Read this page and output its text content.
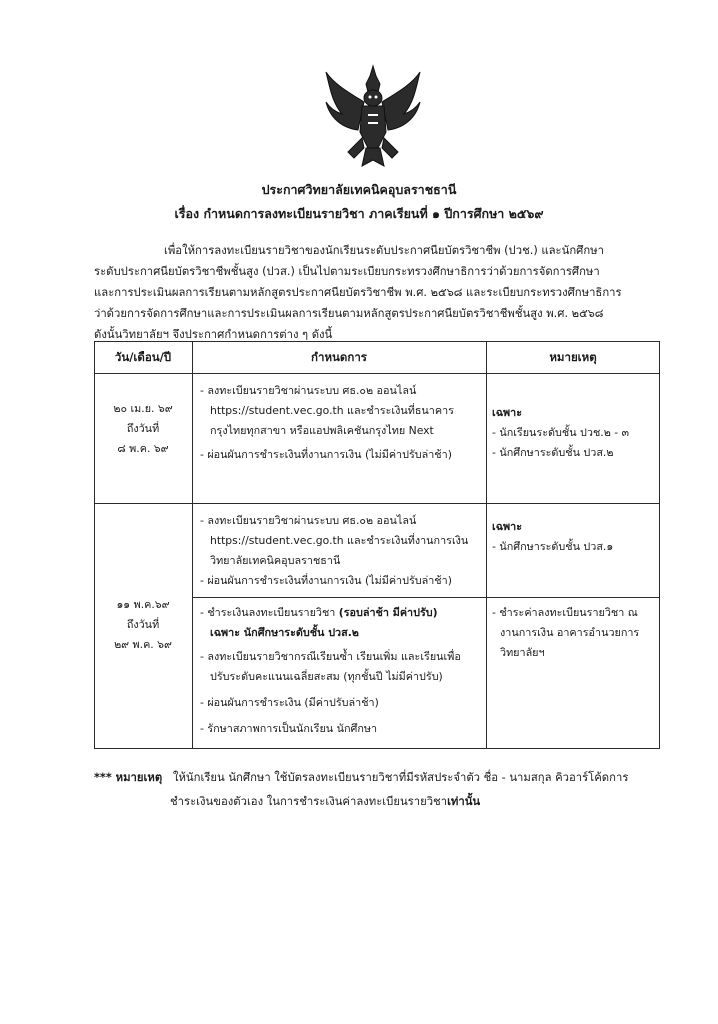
ประกาศวิทยาลัยเทคนิคอุบลราชธานี
เรื่อง กำหนดการลงทะเบียนรายวิชา ภาคเรียนที่ ๑ ปีการศึกษา ๒๕๖๙
เพื่อให้การลงทะเบียนรายวิชาของนักเรียนระดับประกาศนียบัตรวิชาชีพ (ปวช.) และนักศึกษา
ระดับประกาศนียบัตรวิชาชีพชั้นสูง (ปวส.) เป็นไปตามระเบียบกระทรวงศึกษาธิการว่าด้วยการจัดการศึกษา
และการประเมินผลการเรียนตามหลักสูตรประกาศนียบัตรวิชาชีพ พ.ศ. ๒๕๖๘ และระเบียบกระทรวงศึกษาธิการ
ว่าด้วยการจัดการศึกษาและการประเมินผลการเรียนตามหลักสูตรประกาศนียบัตรวิชาชีพชั้นสูง พ.ศ. ๒๕๖๘
ดังนั้นวิทยาลัยฯ จึงประกาศกำหนดการต่าง ๆ ดังนี้
วัน/เดือน/ปี	กำหนดการ	หมายเหตุ
๒๐ เม.ย. ๖๙
ถึงวันที่
๘ พ.ค. ๖๙
- ลงทะเบียนรายวิชาผ่านระบบ ศธ.๐๒ ออนไลน์
https://student.vec.go.th และชำระเงินที่ธนาคาร
กรุงไทยทุกสาขา หรือแอปพลิเคชันกรุงไทย Next
- ผ่อนผันการชำระเงินที่งานการเงิน (ไม่มีค่าปรับล่าช้า)
เฉพาะ
- นักเรียนระดับชั้น ปวช.๒ - ๓
- นักศึกษาระดับชั้น ปวส.๒
๑๑ พ.ค.๖๙
ถึงวันที่
๒๙ พ.ค. ๖๙
- ลงทะเบียนรายวิชาผ่านระบบ ศธ.๐๒ ออนไลน์
https://student.vec.go.th และชำระเงินที่งานการเงิน
วิทยาลัยเทคนิคอุบลราชธานี
- ผ่อนผันการชำระเงินที่งานการเงิน (ไม่มีค่าปรับล่าช้า)
เฉพาะ
- นักศึกษาระดับชั้น ปวส.๑
- ชำระเงินลงทะเบียนรายวิชา (รอบล่าช้า มีค่าปรับ)
เฉพาะ นักศึกษาระดับชั้น ปวส.๒
- ลงทะเบียนรายวิชากรณีเรียนซ้ำ เรียนเพิ่ม และเรียนเพื่อ
ปรับระดับคะแนนเฉลี่ยสะสม (ทุกชั้นปี ไม่มีค่าปรับ)
- ผ่อนผันการชำระเงิน (มีค่าปรับล่าช้า)
- รักษาสภาพการเป็นนักเรียน นักศึกษา
- ชำระค่าลงทะเบียนรายวิชา ณ
งานการเงิน อาคารอำนวยการ
วิทยาลัยฯ
*** หมายเหตุ ให้นักเรียน นักศึกษา ใช้บัตรลงทะเบียนรายวิชาที่มีรหัสประจำตัว ชื่อ - นามสกุล คิวอาร์โค้ดการ
ชำระเงินของตัวเอง ในการชำระเงินค่าลงทะเบียนรายวิชาเท่านั้น
